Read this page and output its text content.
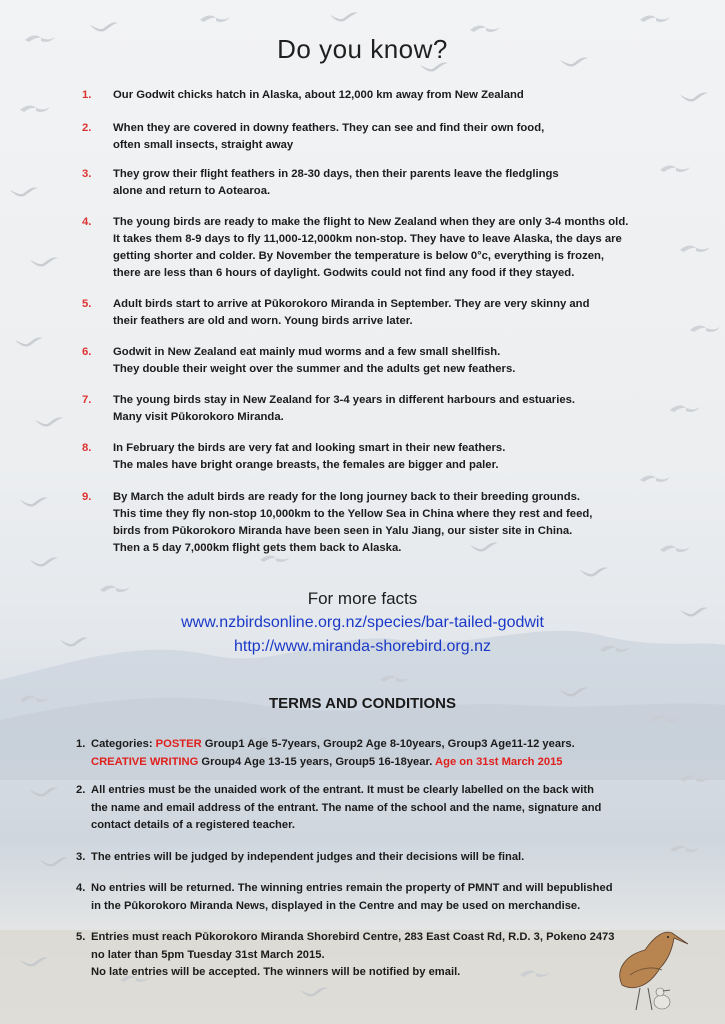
Do you know?
1.	Our Godwit chicks hatch in Alaska, about 12,000 km away from New Zealand
2.	When they are covered in downy feathers. They can see and find their own food,
often small insects, straight away
3.	They grow their flight feathers in 28-30 days, then their parents leave the fledglings
alone and return to Aotearoa.
4.	The young birds are ready to make the flight to New Zealand when they are only 3-4 months old.
It takes them 8-9 days to fly 11,000-12,000km non-stop. They have to leave Alaska, the days are
getting shorter and colder. By November the temperature is below 0°c, everything is frozen,
there are less than 6 hours of daylight. Godwits could not find any food if they stayed.
5.	Adult birds start to arrive at Pūkorokoro Miranda in September. They are very skinny and
their feathers are old and worn. Young birds arrive later.
6.	Godwit in New Zealand eat mainly mud worms and a few small shellfish.
They double their weight over the summer and the adults get new feathers.
7.	The young birds stay in New Zealand for 3-4 years in different harbours and estuaries.
Many visit Pūkorokoro Miranda.
8.	In February the birds are very fat and looking smart in their new feathers.
The males have bright orange breasts, the females are bigger and paler.
9.	By March the adult birds are ready for the long journey back to their breeding grounds.
This time they fly non-stop 10,000km to the Yellow Sea in China where they rest and feed,
birds from Pūkorokoro Miranda have been seen in Yalu Jiang, our sister site in China.
Then a 5 day 7,000km flight gets them back to Alaska.
For more facts
www.nzbirdsonline.org.nz/species/bar-tailed-godwit
http://www.miranda-shorebird.org.nz
TERMS AND CONDITIONS
1. Categories: POSTER Group1 Age 5-7years, Group2 Age 8-10years, Group3 Age11-12 years.
CREATIVE WRITING Group4 Age 13-15 years, Group5 16-18year. Age on 31st March 2015
2. All entries must be the unaided work of the entrant. It must be clearly labelled on the back with
the name and email address of the entrant. The name of the school and the name, signature and
contact details of a registered teacher.
3. The entries will be judged by independent judges and their decisions will be final.
4. No entries will be returned. The winning entries remain the property of PMNT and will bepublished
in the Pūkorokoro Miranda News, displayed in the Centre and may be used on merchandise.
5. Entries must reach Pūkorokoro Miranda Shorebird Centre, 283 East Coast Rd, R.D. 3, Pokeno 2473
no later than 5pm Tuesday 31st March 2015.
No late entries will be accepted. The winners will be notified by email.
